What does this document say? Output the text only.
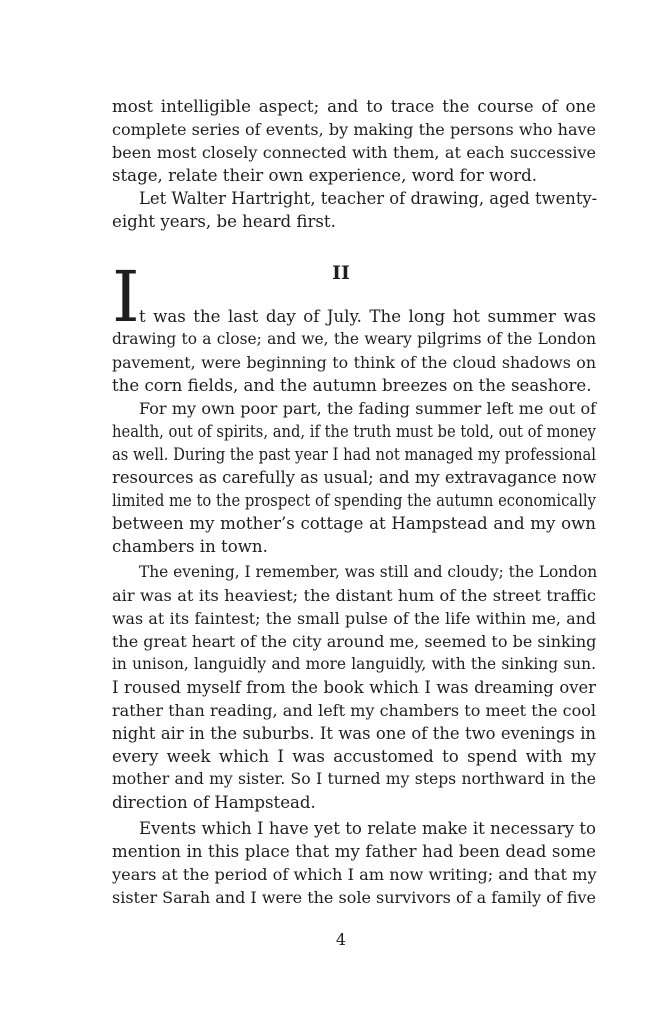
most intelligible aspect; and to trace the course of one
complete series of events, by making the persons who have
been most closely connected with them, at each successive
stage, relate their own experience, word for word.
Let Walter Hartright, teacher of drawing, aged twenty-
eight years, be heard first.
II
I t was the last day of July. The long hot summer was
drawing to a close; and we, the weary pilgrims of the London
pavement, were beginning to think of the cloud shadows on
the corn fields, and the autumn breezes on the seashore.
For my own poor part, the fading summer left me out of
health, out of spirits, and, if the truth must be told, out of money
as well. During the past year I had not managed my professional
resources as carefully as usual; and my extravagance now
limited me to the prospect of spending the autumn economically
between my mother’s cottage at Hampstead and my own
chambers in town.
The evening, I remember, was still and cloudy; the London
air was at its heaviest; the distant hum of the street traffic
was at its faintest; the small pulse of the life within me, and
the great heart of the city around me, seemed to be sinking
in unison, languidly and more languidly, with the sinking sun.
I roused myself from the book which I was dreaming over
rather than reading, and left my chambers to meet the cool
night air in the suburbs. It was one of the two evenings in
every week which I was accustomed to spend with my
mother and my sister. So I turned my steps northward in the
direction of Hampstead.
Events which I have yet to relate make it necessary to
mention in this place that my father had been dead some
years at the period of which I am now writing; and that my
sister Sarah and I were the sole survivors of a family of five
4
